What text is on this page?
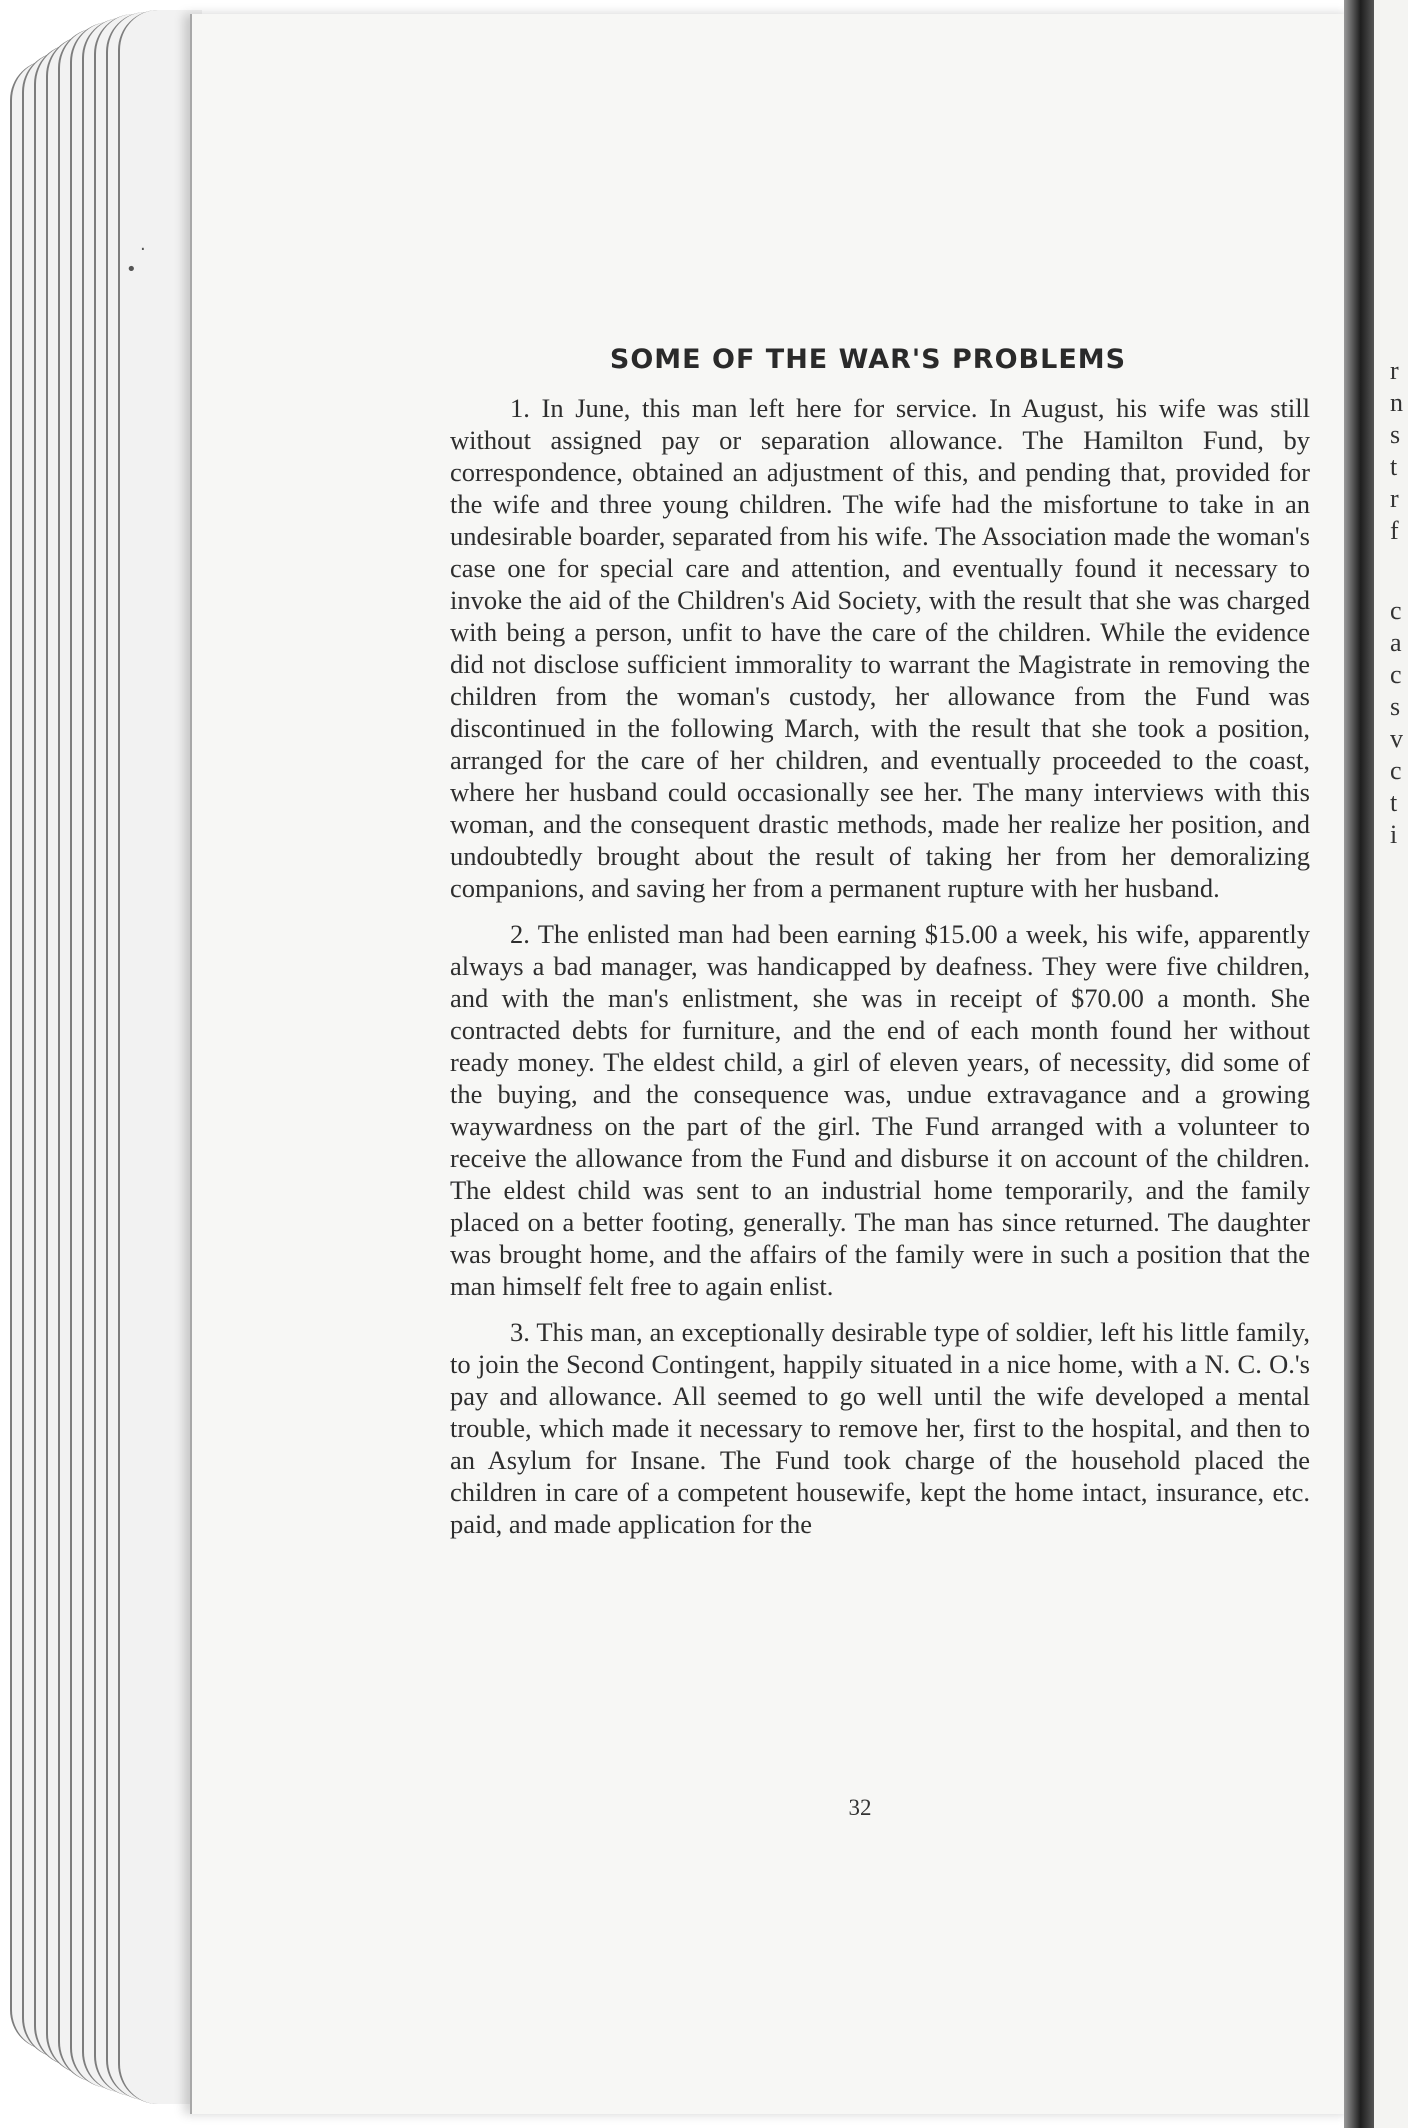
·
•
SOME OF THE WAR'S PROBLEMS

1. In June, this man left here for service. In August, his wife was still without assigned pay or separation allowance. The Hamilton Fund, by correspondence, obtained an adjustment of this, and pending that, provided for the wife and three young children. The wife had the misfortune to take in an undesirable boarder, separated from his wife. The Association made the woman's case one for special care and attention, and eventually found it necessary to invoke the aid of the Children's Aid Society, with the result that she was charged with being a person, unfit to have the care of the children. While the evidence did not disclose sufficient immorality to warrant the Magistrate in removing the children from the woman's custody, her allowance from the Fund was discontinued in the following March, with the result that she took a position, arranged for the care of her children, and eventually proceeded to the coast, where her husband could occasionally see her. The many interviews with this woman, and the consequent drastic methods, made her realize her position, and undoubtedly brought about the result of taking her from her demoralizing companions, and saving her from a permanent rupture with her husband.

2. The enlisted man had been earning $15.00 a week, his wife, apparently always a bad manager, was handicapped by deafness. They were five children, and with the man's enlistment, she was in receipt of $70.00 a month. She contracted debts for furniture, and the end of each month found her without ready money. The eldest child, a girl of eleven years, of necessity, did some of the buying, and the consequence was, undue extravagance and a growing waywardness on the part of the girl. The Fund arranged with a volunteer to receive the allowance from the Fund and disburse it on account of the children. The eldest child was sent to an industrial home temporarily, and the family placed on a better footing, generally. The man has since returned. The daughter was brought home, and the affairs of the family were in such a position that the man himself felt free to again enlist.

3. This man, an exceptionally desirable type of soldier, left his little family, to join the Second Contingent, happily situated in a nice home, with a N. C. O.'s pay and allowance. All seemed to go well until the wife developed a mental trouble, which made it necessary to remove her, first to the hospital, and then to an Asylum for Insane. The Fund took charge of the household placed the children in care of a competent housewife, kept the home intact, insurance, etc. paid, and made application for the

32
r
n
s
t
r
f
c
a
c
s
v
c
t
i
